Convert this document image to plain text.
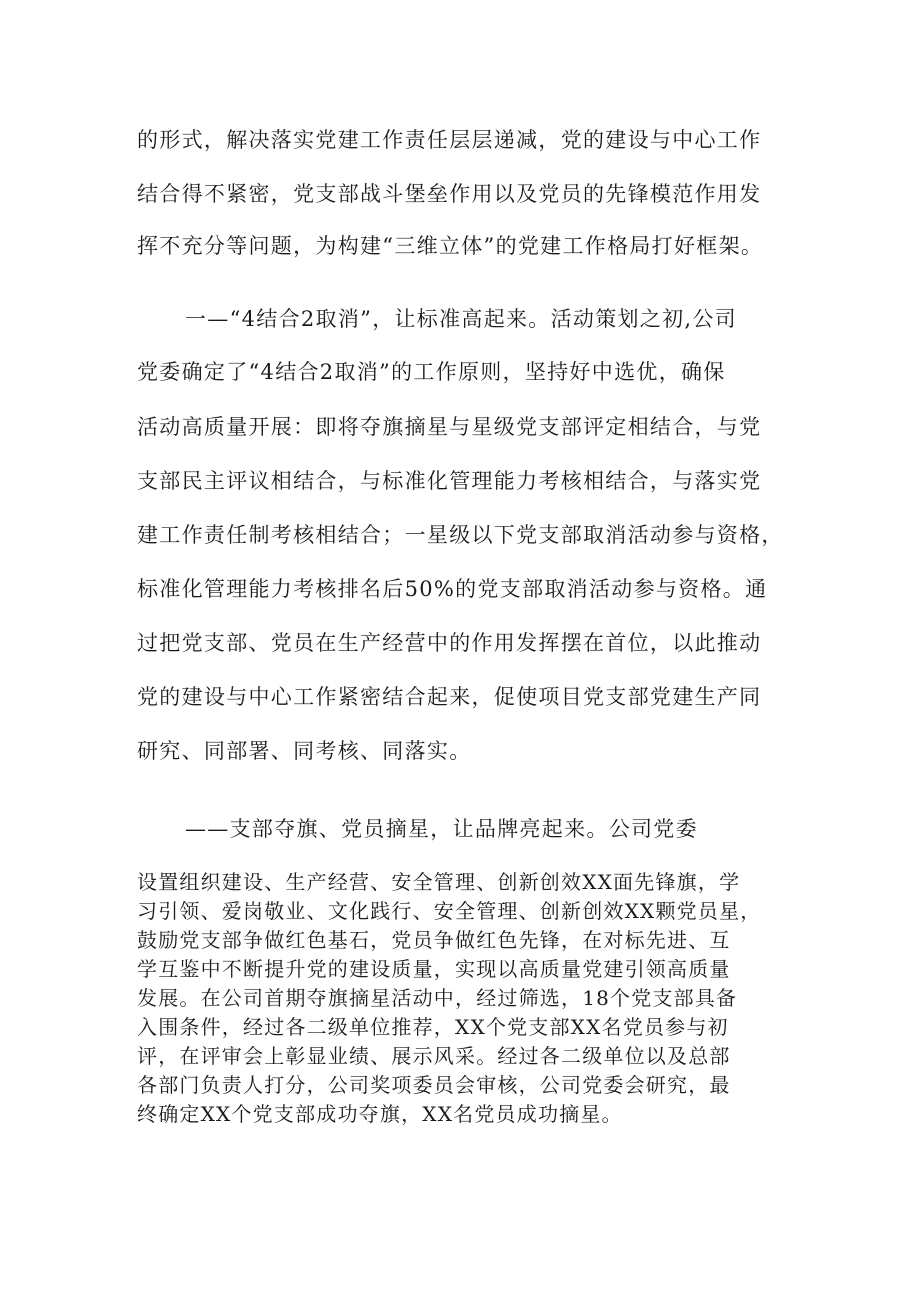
的形式，解决落实党建工作责任层层递减，党的建设与中心工作
结合得不紧密，党支部战斗堡垒作用以及党员的先锋模范作用发
挥不充分等问题，为构建“三维立体”的党建工作格局打好框架。
一—“4结合2取消”，让标准高起来。活动策划之初,公司
党委确定了“4结合2取消”的工作原则，坚持好中选优，确保
活动高质量开展：即将夺旗摘星与星级党支部评定相结合，与党
支部民主评议相结合，与标准化管理能力考核相结合，与落实党
建工作责任制考核相结合；一星级以下党支部取消活动参与资格，
标准化管理能力考核排名后50%的党支部取消活动参与资格。通
过把党支部、党员在生产经营中的作用发挥摆在首位，以此推动
党的建设与中心工作紧密结合起来，促使项目党支部党建生产同
研究、同部署、同考核、同落实。
——支部夺旗、党员摘星，让品牌亮起来。公司党委
设置组织建设、生产经营、安全管理、创新创效XX面先锋旗，学
习引领、爱岗敬业、文化践行、安全管理、创新创效XX颗党员星，
鼓励党支部争做红色基石，党员争做红色先锋，在对标先进、互
学互鉴中不断提升党的建设质量，实现以高质量党建引领高质量
发展。在公司首期夺旗摘星活动中，经过筛选，18个党支部具备
入围条件，经过各二级单位推荐，XX个党支部XX名党员参与初
评，在评审会上彰显业绩、展示风采。经过各二级单位以及总部
各部门负责人打分，公司奖项委员会审核，公司党委会研究，最
终确定XX个党支部成功夺旗，XX名党员成功摘星。
